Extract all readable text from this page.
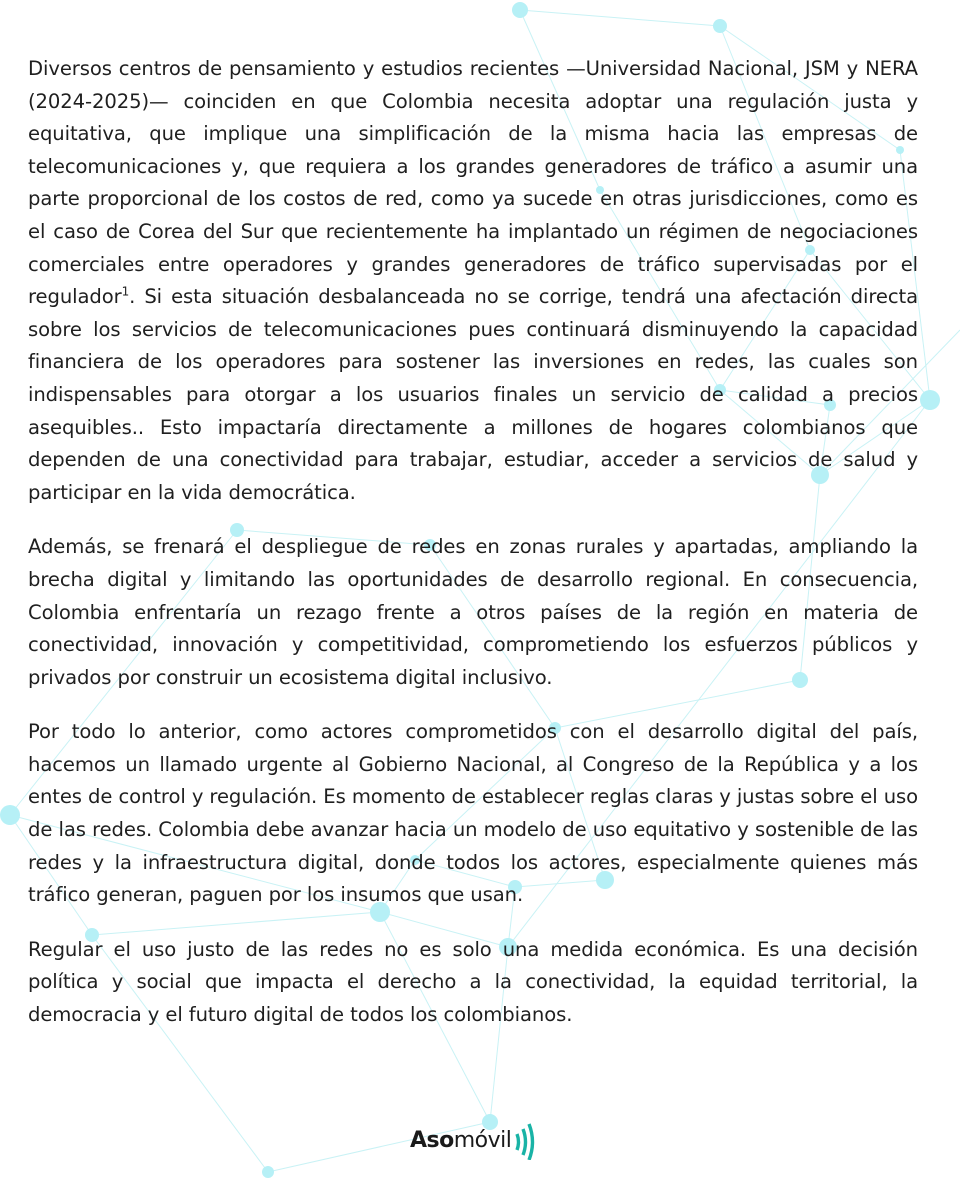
Diversos centros de pensamiento y estudios recientes —Universidad Nacional, JSM y NERA (2024-2025)— coinciden en que Colombia necesita adoptar una regulación justa y equitativa, que implique una simplificación de la misma hacia las empresas de telecomunicaciones y, que requiera a los grandes generadores de tráfico a asumir una parte proporcional de los costos de red, como ya sucede en otras jurisdicciones, como es el caso de Corea del Sur que recientemente ha implantado un régimen de negociaciones comerciales entre operadores y grandes generadores de tráfico supervisadas por el regulador$^1$. Si esta situación desbalanceada no se corrige, tendrá una afectación directa sobre los servicios de telecomunicaciones pues continuará disminuyendo la capacidad financiera de los operadores para sostener las inversiones en redes, las cuales son indispensables para otorgar a los usuarios finales un servicio de calidad a precios asequibles.. Esto impactaría directamente a millones de hogares colombianos que dependen de una conectividad para trabajar, estudiar, acceder a servicios de salud y participar en la vida democrática.

Además, se frenará el despliegue de redes en zonas rurales y apartadas, ampliando la brecha digital y limitando las oportunidades de desarrollo regional. En consecuencia, Colombia enfrentaría un rezago frente a otros países de la región en materia de conectividad, innovación y competitividad, comprometiendo los esfuerzos públicos y privados por construir un ecosistema digital inclusivo.

Por todo lo anterior, como actores comprometidos con el desarrollo digital del país, hacemos un llamado urgente al Gobierno Nacional, al Congreso de la República y a los entes de control y regulación. Es momento de establecer reglas claras y justas sobre el uso de las redes. Colombia debe avanzar hacia un modelo de uso equitativo y sostenible de las redes y la infraestructura digital, donde todos los actores, especialmente quienes más tráfico generan, paguen por los insumos que usan.

Regular el uso justo de las redes no es solo una medida económica. Es una decisión política y social que impacta el derecho a la conectividad, la equidad territorial, la democracia y el futuro digital de todos los colombianos.

Aso móvil
